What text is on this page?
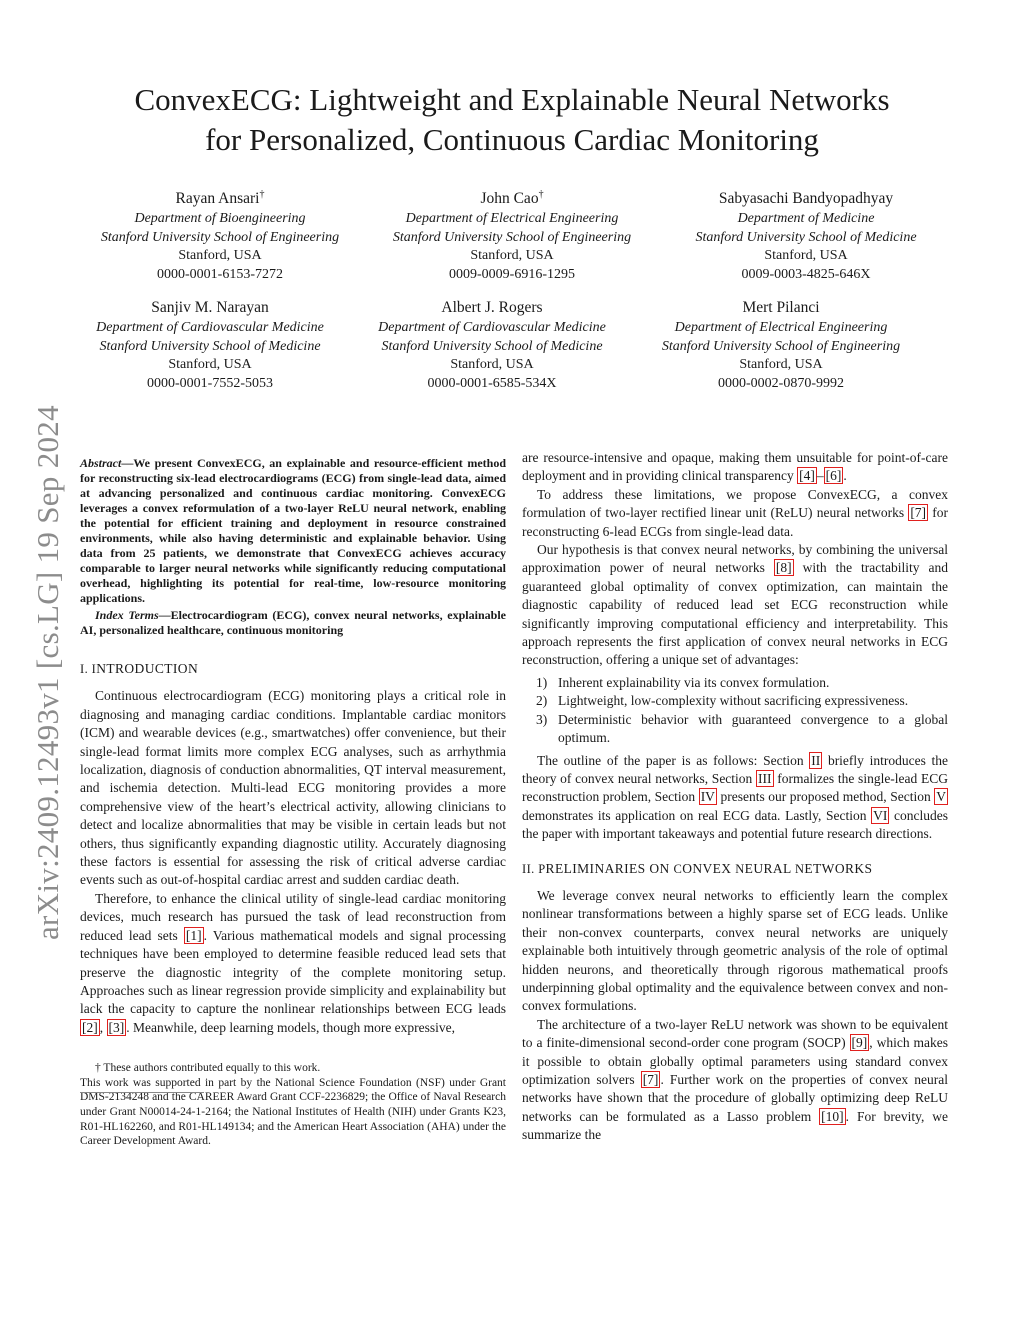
ConvexECG: Lightweight and Explainable Neural Networks
for Personalized, Continuous Cardiac Monitoring
Rayan Ansari†
Department of Bioengineering
Stanford University School of Engineering
Stanford, USA
0000-0001-6153-7272
John Cao†
Department of Electrical Engineering
Stanford University School of Engineering
Stanford, USA
0009-0009-6916-1295
Sabyasachi Bandyopadhyay
Department of Medicine
Stanford University School of Medicine
Stanford, USA
0009-0003-4825-646X
Sanjiv M. Narayan
Department of Cardiovascular Medicine
Stanford University School of Medicine
Stanford, USA
0000-0001-7552-5053
Albert J. Rogers
Department of Cardiovascular Medicine
Stanford University School of Medicine
Stanford, USA
0000-0001-6585-534X
Mert Pilanci
Department of Electrical Engineering
Stanford University School of Engineering
Stanford, USA
0000-0002-0870-9992
arXiv:2409.12493v1 [cs.LG] 19 Sep 2024 Abstract—We present ConvexECG, an explainable and resource-efficient method for reconstructing six-lead electrocardiograms (ECG) from single-lead data, aimed at advancing personalized and continuous cardiac monitoring. ConvexECG leverages a convex reformulation of a two-layer ReLU neural network, enabling the potential for efficient training and deployment in resource constrained environments, while also having deterministic and explainable behavior. Using data from 25 patients, we demonstrate that ConvexECG achieves accuracy comparable to larger neural networks while significantly reducing computational overhead, highlighting its potential for real-time, low-resource monitoring applications.

Index Terms—Electrocardiogram (ECG), convex neural networks, explainable AI, personalized healthcare, continuous monitoring

I. INTRODUCTION

Continuous electrocardiogram (ECG) monitoring plays a critical role in diagnosing and managing cardiac conditions. Implantable cardiac monitors (ICM) and wearable devices (e.g., smartwatches) offer convenience, but their single-lead format limits more complex ECG analyses, such as arrhythmia localization, diagnosis of conduction abnormalities, QT interval measurement, and ischemia detection. Multi-lead ECG monitoring provides a more comprehensive view of the heart’s electrical activity, allowing clinicians to detect and localize abnormalities that may be visible in certain leads but not others, thus significantly expanding diagnostic utility. Accurately diagnosing these factors is essential for assessing the risk of critical adverse cardiac events such as out-of-hospital cardiac arrest and sudden cardiac death.

Therefore, to enhance the clinical utility of single-lead cardiac monitoring devices, much research has pursued the task of lead reconstruction from reduced lead sets [1] . Various mathematical models and signal processing techniques have been employed to determine feasible reduced lead sets that preserve the diagnostic integrity of the complete monitoring setup. Approaches such as linear regression provide simplicity and explainability but lack the capacity to capture the nonlinear relationships between ECG leads [2] , [3] . Meanwhile, deep learning models, though more expressive,

† These authors contributed equally to this work.

This work was supported in part by the National Science Foundation (NSF) under Grant DMS-2134248 and the CAREER Award Grant CCF-2236829; the Office of Naval Research under Grant N00014-24-1-2164; the National Institutes of Health (NIH) under Grants K23, R01-HL162260, and R01-HL149134; and the American Heart Association (AHA) under the Career Development Award.

are resource-intensive and opaque, making them unsuitable for point-of-care deployment and in providing clinical transparency [4] – [6] .

To address these limitations, we propose ConvexECG, a convex formulation of two-layer rectified linear unit (ReLU) neural networks [7] for reconstructing 6-lead ECGs from single-lead data.

Our hypothesis is that convex neural networks, by combining the universal approximation power of neural networks [8] with the tractability and guaranteed global optimality of convex optimization, can maintain the diagnostic capability of reduced lead set ECG reconstruction while significantly improving computational efficiency and interpretability. This approach represents the first application of convex neural networks in ECG reconstruction, offering a unique set of advantages:

1) Inherent explainability via its convex formulation.
2) Lightweight, low-complexity without sacrificing expressiveness.
3) Deterministic behavior with guaranteed convergence to a global optimum.

The outline of the paper is as follows: Section II briefly introduces the theory of convex neural networks, Section III formalizes the single-lead ECG reconstruction problem, Section IV presents our proposed method, Section V demonstrates its application on real ECG data. Lastly, Section VI concludes the paper with important takeaways and potential future research directions.

II. PRELIMINARIES ON CONVEX NEURAL NETWORKS

We leverage convex neural networks to efficiently learn the complex nonlinear transformations between a highly sparse set of ECG leads. Unlike their non-convex counterparts, convex neural networks are uniquely explainable both intuitively through geometric analysis of the role of optimal hidden neurons, and theoretically through rigorous mathematical proofs underpinning global optimality and the equivalence between convex and non-convex formulations.

The architecture of a two-layer ReLU network was shown to be equivalent to a finite-dimensional second-order cone program (SOCP) [9] , which makes it possible to obtain globally optimal parameters using standard convex optimization solvers [7] . Further work on the properties of convex neural networks have shown that the procedure of globally optimizing deep ReLU networks can be formulated as a Lasso problem [10] . For brevity, we summarize the
